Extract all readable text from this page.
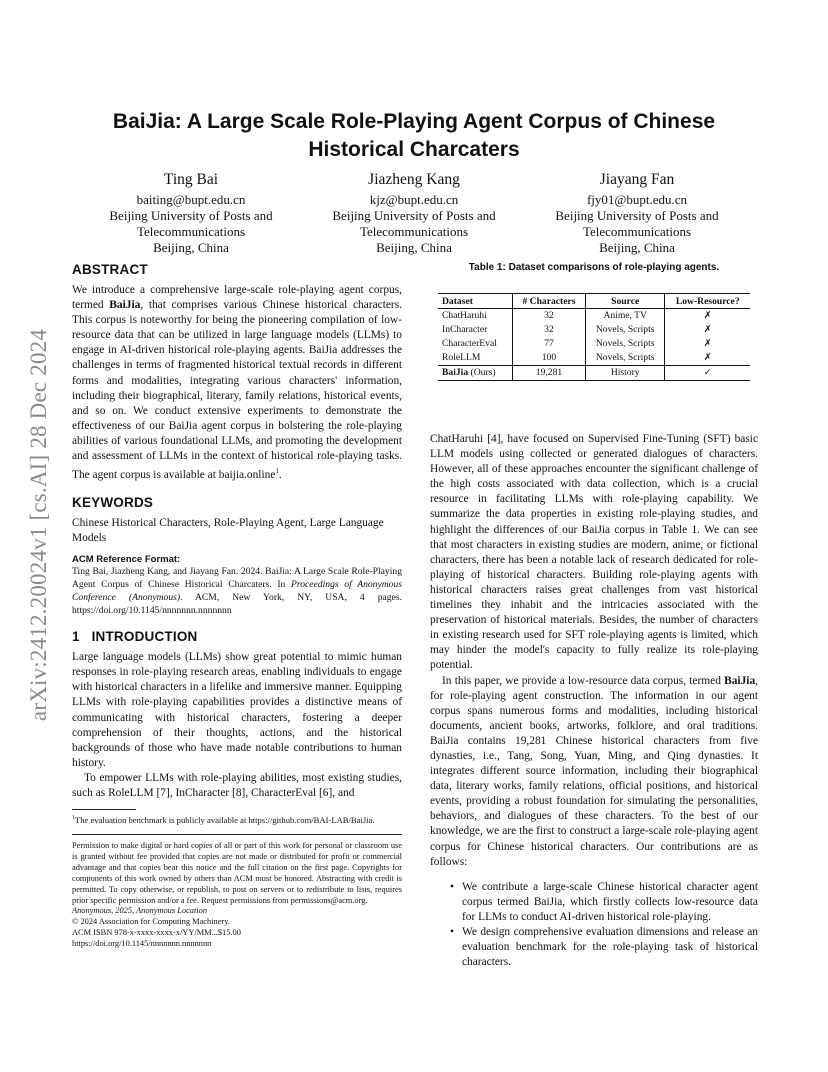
arXiv:2412.20024v1 [cs.AI] 28 Dec 2024
BaiJia: A Large Scale Role-Playing Agent Corpus of Chinese
Historical Charcaters
Ting Bai
baiting@bupt.edu.cn
Beijing University of Posts and
Telecommunications
Beijing, China
Jiazheng Kang
kjz@bupt.edu.cn
Beijing University of Posts and
Telecommunications
Beijing, China
Jiayang Fan
fjy01@bupt.edu.cn
Beijing University of Posts and
Telecommunications
Beijing, China
ABSTRACT

We introduce a comprehensive large-scale role-playing agent corpus, termed BaiJia, that comprises various Chinese historical characters. This corpus is noteworthy for being the pioneering compilation of low-resource data that can be utilized in large language models (LLMs) to engage in AI-driven historical role-playing agents. BaiJia addresses the challenges in terms of fragmented historical textual records in different forms and modalities, integrating various characters' information, including their biographical, literary, family relations, historical events, and so on. We conduct extensive experiments to demonstrate the effectiveness of our BaiJia agent corpus in bolstering the role-playing abilities of various foundational LLMs, and promoting the development and assessment of LLMs in the context of historical role-playing tasks. The agent corpus is available at baijia.online$^1$.

KEYWORDS

Chinese Historical Characters, Role-Playing Agent, Large Language Models

ACM Reference Format:

Ting Bai, Jiazheng Kang, and Jiayang Fan. 2024. BaiJia: A Large Scale Role-Playing Agent Corpus of Chinese Historical Charcaters. In Proceedings of Anonymous Conference (Anonymous). ACM, New York, NY, USA, 4 pages. https://doi.org/10.1145/nnnnnnn.nnnnnnn

1 INTRODUCTION

Large language models (LLMs) show great potential to mimic human responses in role-playing research areas, enabling individuals to engage with historical characters in a lifelike and immersive manner. Equipping LLMs with role-playing capabilities provides a distinctive means of communicating with historical characters, fostering a deeper comprehension of their thoughts, actions, and the historical backgrounds of those who have made notable contributions to human history.

To empower LLMs with role-playing abilities, most existing studies, such as RoleLLM [7], InCharacter [8], CharacterEval [6], and

$^1$The evaluation benchmark is publicly available at https://github.com/BAI-LAB/BaiJia.

Permission to make digital or hard copies of all or part of this work for personal or classroom use is granted without fee provided that copies are not made or distributed for profit or commercial advantage and that copies bear this notice and the full citation on the first page. Copyrights for components of this work owned by others than ACM must be honored. Abstracting with credit is permitted. To copy otherwise, or republish, to post on servers or to redistribute to lists, requires prior specific permission and/or a fee. Request permissions from permissions@acm.org.
Anonymous, 2025, Anonymous Location
© 2024 Association for Computing Machinery.
ACM ISBN 978-x-xxxx-xxxx-x/YY/MM...$15.00
https://doi.org/10.1145/nnnnnnn.nnnnnnn
Table 1: Dataset comparisons of role-playing agents.
Dataset	# Characters	Source	Low-Resource?
ChatHaruhi	32	Anime, TV	✗
InCharacter	32	Novels, Scripts	✗
CharacterEval	77	Novels, Scripts	✗
RoleLLM	100	Novels, Scripts	✗
BaiJia (Ours)	19,281	History	✓

ChatHaruhi [4], have focused on Supervised Fine-Tuning (SFT) basic LLM models using collected or generated dialogues of characters. However, all of these approaches encounter the significant challenge of the high costs associated with data collection, which is a crucial resource in facilitating LLMs with role-playing capability. We summarize the data properties in existing role-playing studies, and highlight the differences of our BaiJia corpus in Table 1. We can see that most characters in existing studies are modern, anime, or fictional characters, there has been a notable lack of research dedicated for role-playing of historical characters. Building role-playing agents with historical characters raises great challenges from vast historical timelines they inhabit and the intricacies associated with the preservation of historical materials. Besides, the number of characters in existing research used for SFT role-playing agents is limited, which may hinder the model's capacity to fully realize its role-playing potential.

In this paper, we provide a low-resource data corpus, termed BaiJia, for role-playing agent construction. The information in our agent corpus spans numerous forms and modalities, including historical documents, ancient books, artworks, folklore, and oral traditions. BaiJia contains 19,281 Chinese historical characters from five dynasties, i.e., Tang, Song, Yuan, Ming, and Qing dynasties. It integrates different source information, including their biographical data, literary works, family relations, official positions, and historical events, providing a robust foundation for simulating the personalities, behaviors, and dialogues of these characters. To the best of our knowledge, we are the first to construct a large-scale role-playing agent corpus for Chinese historical characters. Our contributions are as follows:

• We contribute a large-scale Chinese historical character agent corpus termed BaiJia, which firstly collects low-resource data for LLMs to conduct AI-driven historical role-playing.
• We design comprehensive evaluation dimensions and release an evaluation benchmark for the role-playing task of historical characters.
